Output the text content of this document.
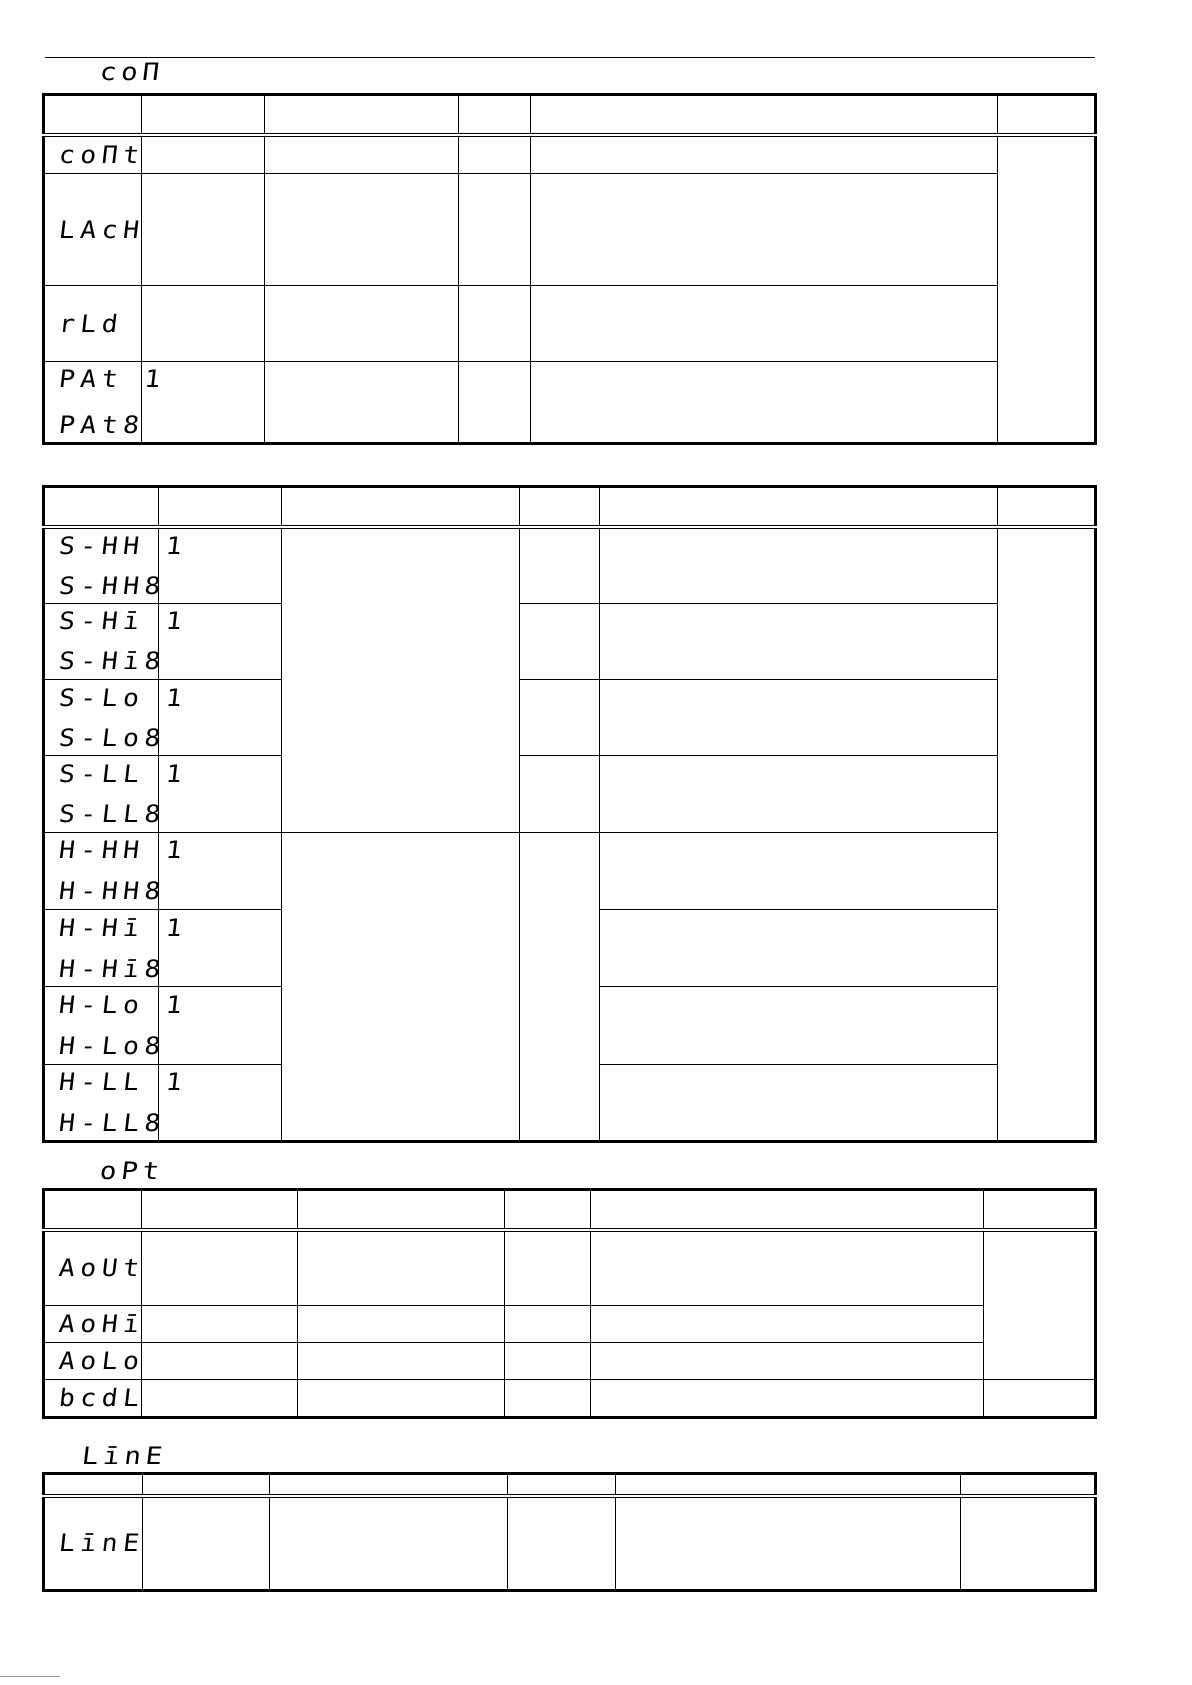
coП

coПt					

LAcH					

rLd					

PAt 1
PAt8					

S-HH 1
S-HH8					

S-Hī 1
S-Hī8					

S-Lo 1
S-Lo8					

S-LL 1
S-LL8					

H-HH 1
H-HH8					

H-Hī 1
H-Hī8					

H-Lo 1
H-Lo8					

H-LL 1
H-LL8					

oPt

AoUt					

AoHī					

AoLo					

bcdL					

LīnE

LīnE					
